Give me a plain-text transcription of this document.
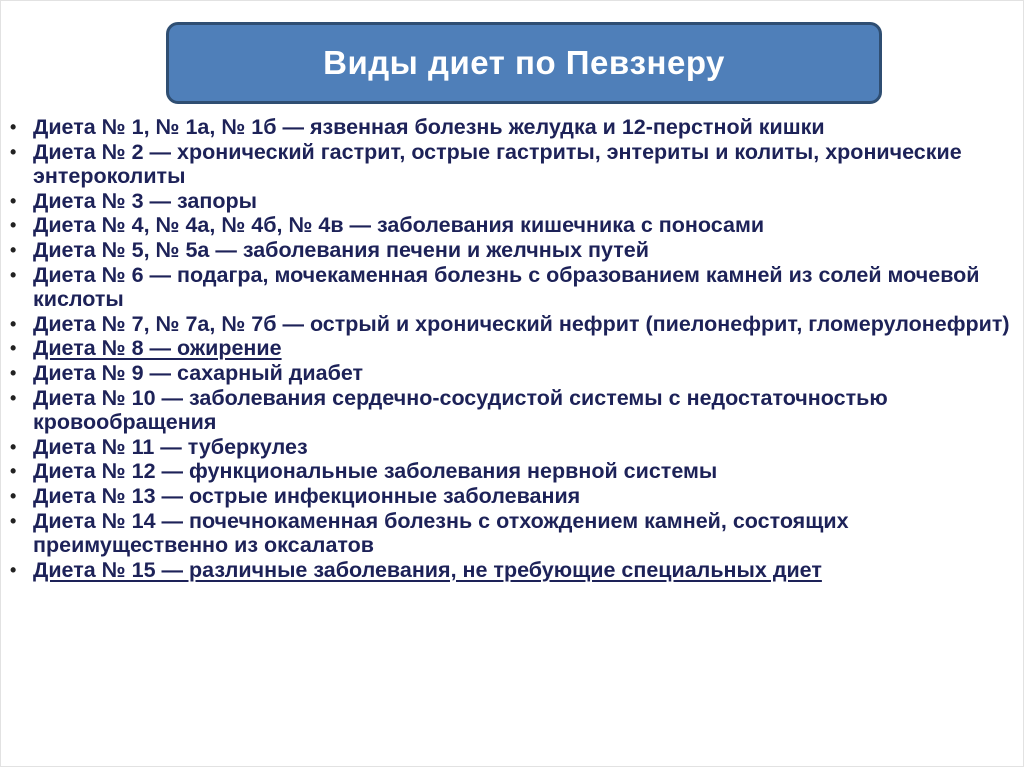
Виды диет по Певзнеру
• Диета № 1, № 1а, № 1б — язвенная болезнь желудка и 12-перстной кишки
• Диета № 2 — хронический гастрит, острые гастриты, энтериты и колиты, хронические энтероколиты
• Диета № 3 — запоры
• Диета № 4, № 4а, № 4б, № 4в — заболевания кишечника с поносами
• Диета № 5, № 5а — заболевания печени и желчных путей
• Диета № 6 — подагра, мочекаменная болезнь с образованием камней из солей мочевой кислоты
• Диета № 7, № 7а, № 7б — острый и хронический нефрит (пиелонефрит, гломерулонефрит)
• Диета № 8 — ожирение
• Диета № 9 — сахарный диабет
• Диета № 10 — заболевания сердечно-сосудистой системы с недостаточностью кровообращения
• Диета № 11 — туберкулез
• Диета № 12 — функциональные заболевания нервной системы
• Диета № 13 — острые инфекционные заболевания
• Диета № 14 — почечнокаменная болезнь с отхождением камней, состоящих преимущественно из оксалатов
• Диета № 15 — различные заболевания, не требующие специальных диет
